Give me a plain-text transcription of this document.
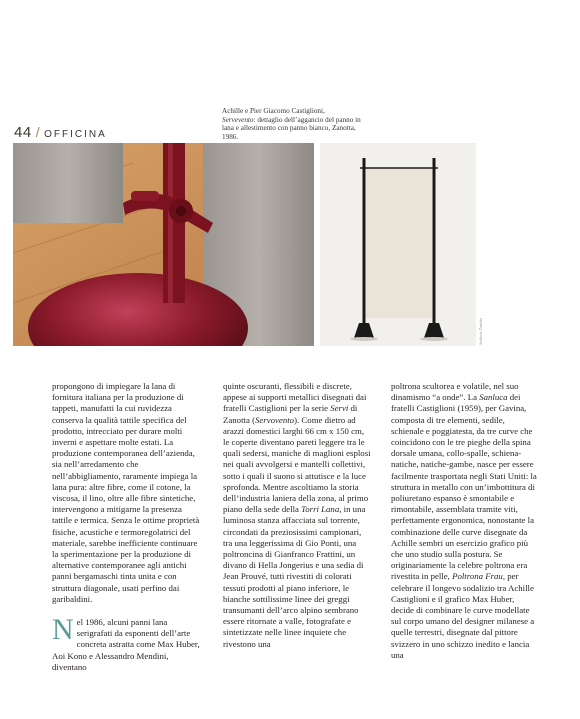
44 / OFFICINA
Achille e Pier Giacomo Castiglioni,
Servevento: dettaglio dell’aggancio del panno in lana e allestimento con panno bianco, Zanotta, 1986.
Archivio Zanotta

propongono di impiegare la lana di fornitura italiana per la produzione di tappeti, manufatti la cui ruvidezza conserva la qualità tattile specifica del prodotto, intrecciato per durare molti inverni e aspettare molte estati. La produzione contemporanea dell’azienda, sia nell’arredamento che nell’abbigliamento, raramente impiega la lana pura: altre fibre, come il cotone, la viscosa, il lino, oltre alle fibre sintetiche, intervengono a mitigarne la presenza tattile e termica. Senza le ottime proprietà fisiche, acustiche e termoregolatrici del materiale, sarebbe inefficiente continuare la sperimentazione per la produzione di alternative contemporanee agli antichi panni bergamaschi tinta unita e con struttura diagonale, usati perfino dai garibaldini.

Nel 1986, alcuni panni lana serigrafati da esponenti dell’arte concreta astratta come Max Huber, Aoi Kono e Alessandro Mendini, diventano

quinte oscuranti, flessibili e discrete, appese ai supporti metallici disegnati dai fratelli Castiglioni per la serie Servi di Zanotta (Servovento). Come dietro ad arazzi domestici larghi 66 cm x 150 cm, le coperte diventano pareti leggere tra le quali sedersi, maniche di maglioni esplosi nei quali avvolgersi e mantelli collettivi, sotto i quali il suono si attutisce e la luce sprofonda. Mentre ascoltiamo la storia dell’industria laniera della zona, al primo piano della sede della Torri Lana, in una luminosa stanza affacciata sul torrente, circondati da preziosissimi campionari, tra una leggerissima di Gio Ponti, una poltroncina di Gianfranco Frattini, un divano di Hella Jongerius e una sedia di Jean Prouvé, tutti rivestiti di colorati tessuti prodotti al piano inferiore, le bianche sottilissime linee dei greggi transumanti dell’arco alpino sembrano essere ritornate a valle, fotografate e sintetizzate nelle linee inquiete che rivestono una

poltrona scultorea e volatile, nel suo dinamismo “a onde”. La Sanluca dei fratelli Castiglioni (1959), per Gavina, composta di tre elementi, sedile, schienale e poggiatesta, da tre curve che coincidono con le tre pieghe della spina dorsale umana, collo-spalle, schiena-natiche, natiche-gambe, nasce per essere facilmente trasportata negli Stati Uniti: la struttura in metallo con un’imbottitura di poliuretano espanso è smontabile e rimontabile, assemblata tramite viti, perfettamente ergonomica, nonostante la combinazione delle curve disegnate da Achille sembri un esercizio grafico più che uno studio sulla postura. Se originariamente la celebre poltrona era rivestita in pelle, Poltrona Frau, per celebrare il longevo sodalizio tra Achille Castiglioni e il grafico Max Huber, decide di combinare le curve modellate sul corpo umano del designer milanese a quelle terrestri, disegnate dal pittore svizzero in uno schizzo inedito e lancia una
